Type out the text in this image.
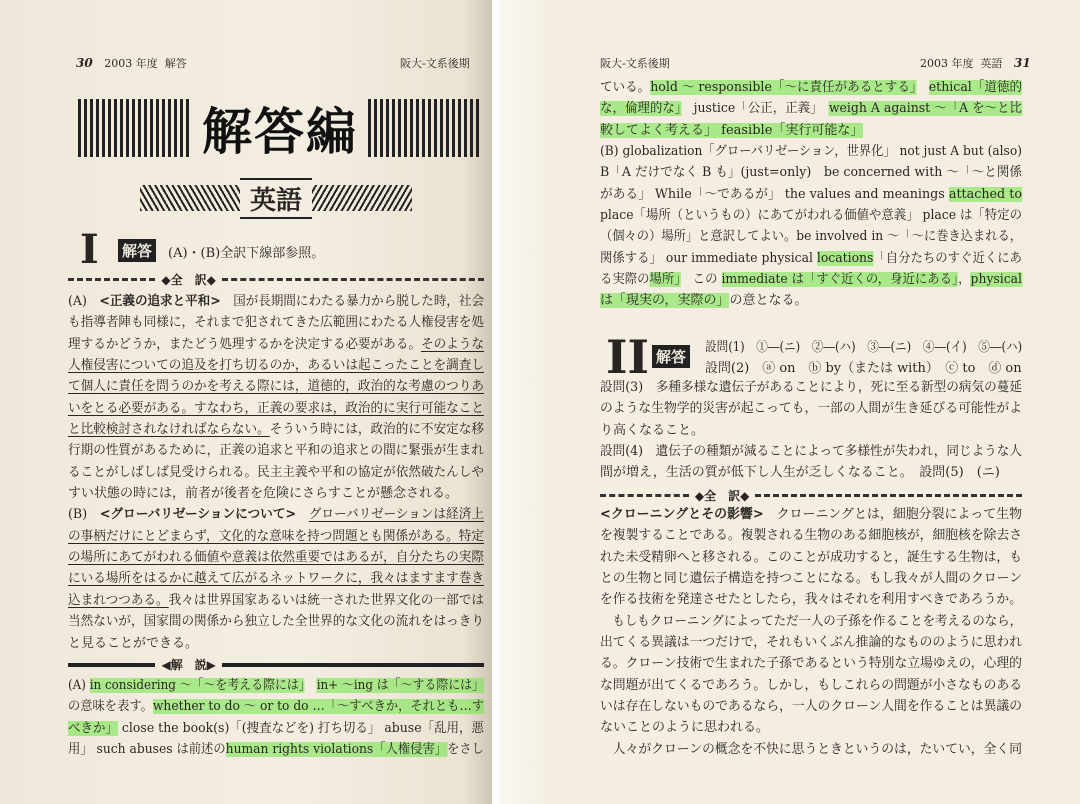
30 2003 年度 解答	阪大-文系後期
解答編
英語
I 解答	(A)・(B)全訳下線部参照。
◆全　訳◆
(A)　<正義の追求と平和>　国が長期間にわたる暴力から脱した時，社会
も指導者陣も同様に，それまで犯されてきた広範囲にわたる人権侵害を処
理するかどうか，またどう処理するかを決定する必要がある。そのような
人権侵害についての追及を打ち切るのか，あるいは起こったことを調査し
て個人に責任を問うのかを考える際には，道徳的，政治的な考慮のつりあ
いをとる必要がある。すなわち，正義の要求は，政治的に実行可能なこと
と比較検討されなければならない。そういう時には，政治的に不安定な移
行期の性質があるために，正義の追求と平和の追求との間に緊張が生まれ
ることがしばしば見受けられる。民主主義や平和の協定が依然破たんしや
すい状態の時には，前者が後者を危険にさらすことが懸念される。
(B)　<グローバリゼーションについて>　 グローバリゼーションは経済上
の事柄だけにとどまらず，文化的な意味を持つ問題とも関係がある。特定
の場所にあてがわれる価値や意義は依然重要ではあるが，自分たちの実際
にいる場所をはるかに越えて広がるネットワークに，我々はますます巻き
込まれつつある。我々は世界国家あるいは統一された世界文化の一部では
当然ないが，国家間の関係から独立した全世界的な文化の流れをはっきり
と見ることができる。
◀解　説▶
(A) in considering ～「～を考える際には」　 in+ ～ing は「～する際には」
の意味を表す。whether to do ～ or to do …「～すべきか，それとも…す
べきか」 close the book(s)「(捜査などを) 打ち切る」 abuse「乱用，悪
用」 such abuses は前述のhuman rights violations「人権侵害」をさし
阪大-文系後期	2003 年度 英語 31
ている。hold ～ responsible「～に責任があるとする」　 ethical「道徳的
な，倫理的な」　justice「公正，正義」　weigh A against ～「A を～と比
較してよく考える」 feasible「実行可能な」
(B) globalization「グローバリゼーション，世界化」 not just A but (also)
B「A だけでなく B も」(just=only)　be concerned with ～「～と関係
がある」 While「～であるが」 the values and meanings attached to
place「場所（というもの）にあてがわれる価値や意義」 place は「特定の
（個々の）場所」と意訳してよい。be involved in ～「～に巻き込まれる，
関係する」 our immediate physical locations「自分たちのすぐ近くにあ
る実際の場所」　この immediate は「すぐ近くの，身近にある」，physical
は「現実の，実際の」の意となる。
II 解答
設問(1)　①―(ニ)　②―(ハ)　③―(ニ)　④―(イ)　⑤―(ハ)
設問(2)　ⓐ on　ⓑ by（または with）　ⓒ to　ⓓ on
設問(3)　多種多様な遺伝子があることにより，死に至る新型の病気の蔓延
のような生物学的災害が起こっても，一部の人間が生き延びる可能性がよ
り高くなること。
設問(4)　遺伝子の種類が減ることによって多様性が失われ，同じような人
間が増え，生活の質が低下し人生が乏しくなること。　設問(5)　(ニ)
◆全　訳◆
<クローニングとその影響>　クローニングとは，細胞分裂によって生物
を複製することである。複製される生物のある細胞核が，細胞核を除去さ
れた未受精卵へと移される。このことが成功すると，誕生する生物は，も
との生物と同じ遺伝子構造を持つことになる。もし我々が人間のクローン
を作る技術を発達させたとしたら，我々はそれを利用すべきであろうか。
　もしもクローニングによってただ一人の子孫を作ることを考えるのなら，
出てくる異議は一つだけで，それもいくぶん推論的なもののように思われ
る。クローン技術で生まれた子孫であるという特別な立場ゆえの，心理的
な問題が出てくるであろう。しかし，もしこれらの問題が小さなものある
いは存在しないものであるなら，一人のクローン人間を作ることは異議の
ないことのように思われる。
　人々がクローンの概念を不快に思うときというのは，たいてい，全く同
